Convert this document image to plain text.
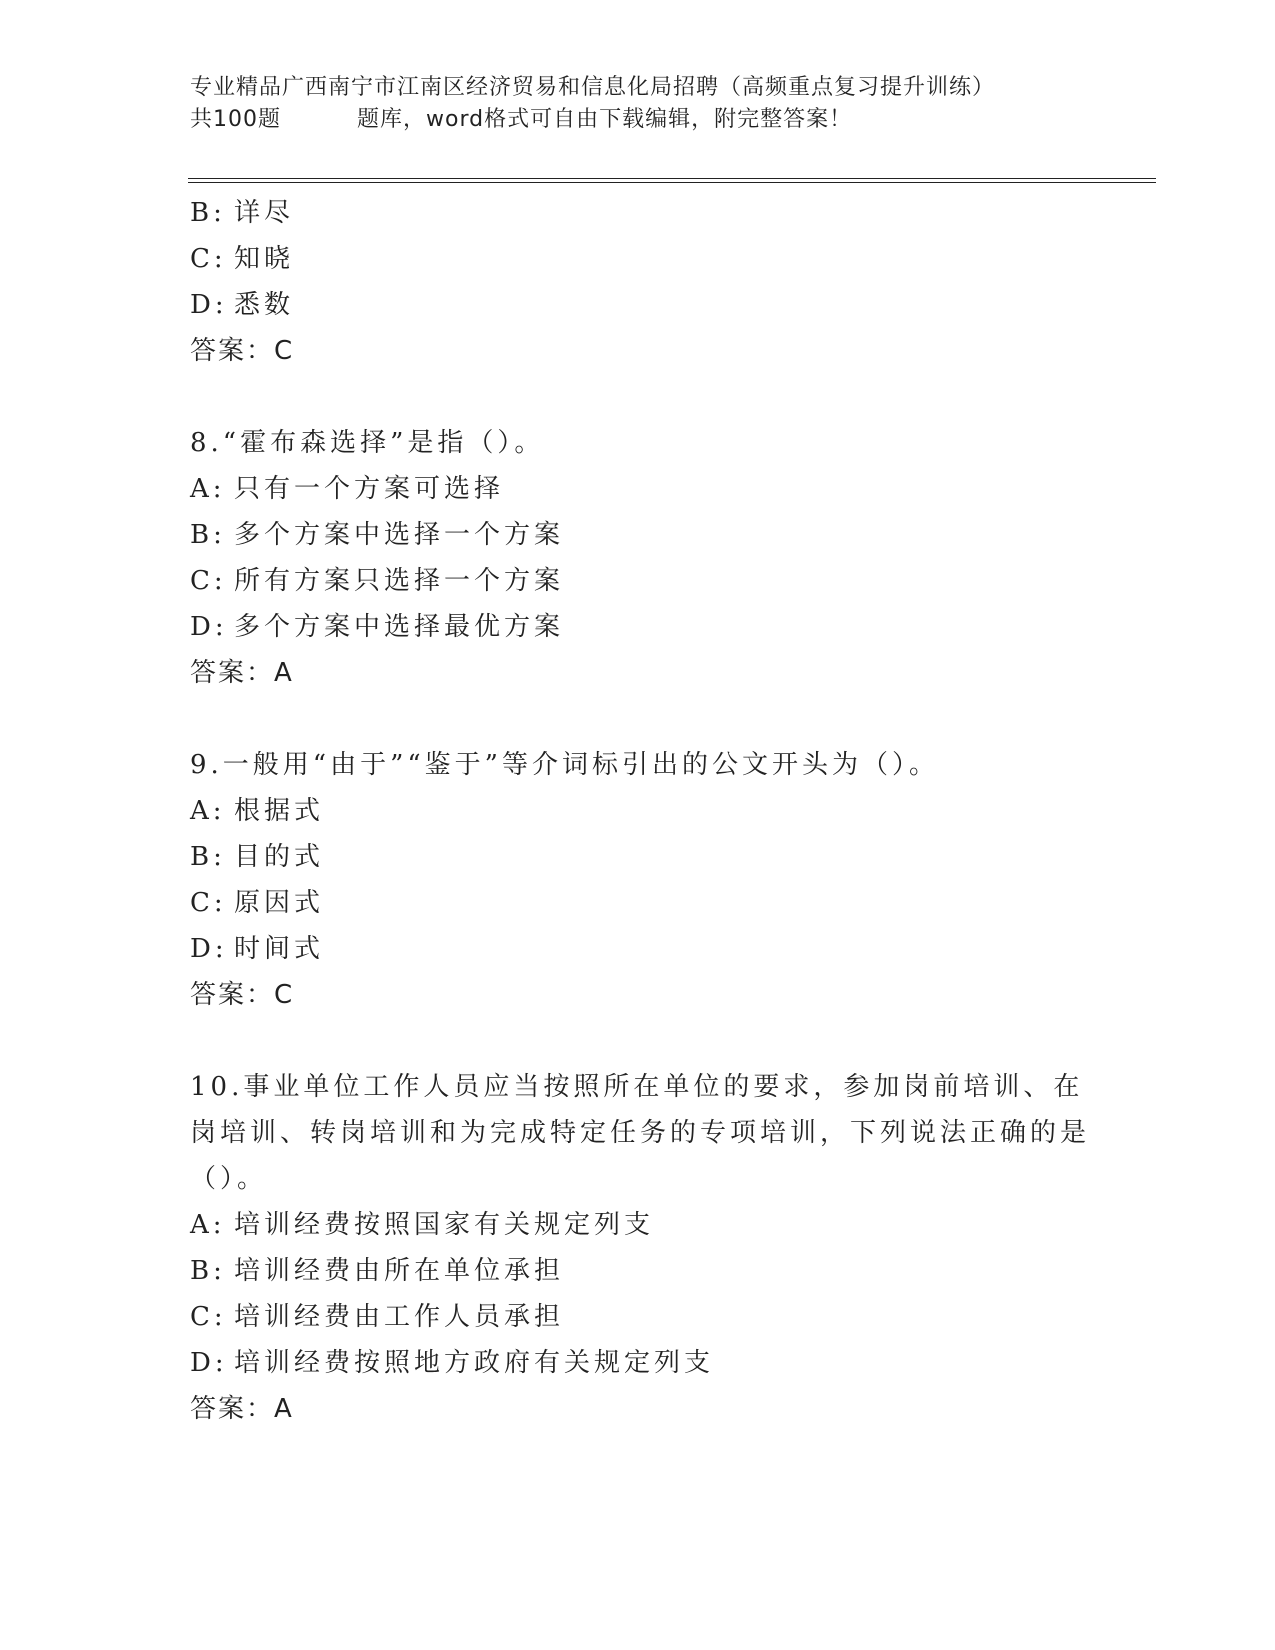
专业精品广西南宁市江南区经济贸易和信息化局招聘（高频重点复习提升训练）
共100题	题库，word格式可自由下载编辑，附完整答案！
B: 详尽
C: 知晓
D: 悉数
答案：C
8.“霍布森选择”是指（）。
A: 只有一个方案可选择
B: 多个方案中选择一个方案
C: 所有方案只选择一个方案
D: 多个方案中选择最优方案
答案：A
9.一般用“由于”“鉴于”等介词标引出的公文开头为（）。
A: 根据式
B: 目的式
C: 原因式
D: 时间式
答案：C
10.事业单位工作人员应当按照所在单位的要求，参加岗前培训、在岗培训、转岗培训和为完成特定任务的专项培训，下列说法正确的是（）。
A: 培训经费按照国家有关规定列支
B: 培训经费由所在单位承担
C: 培训经费由工作人员承担
D: 培训经费按照地方政府有关规定列支
答案：A
